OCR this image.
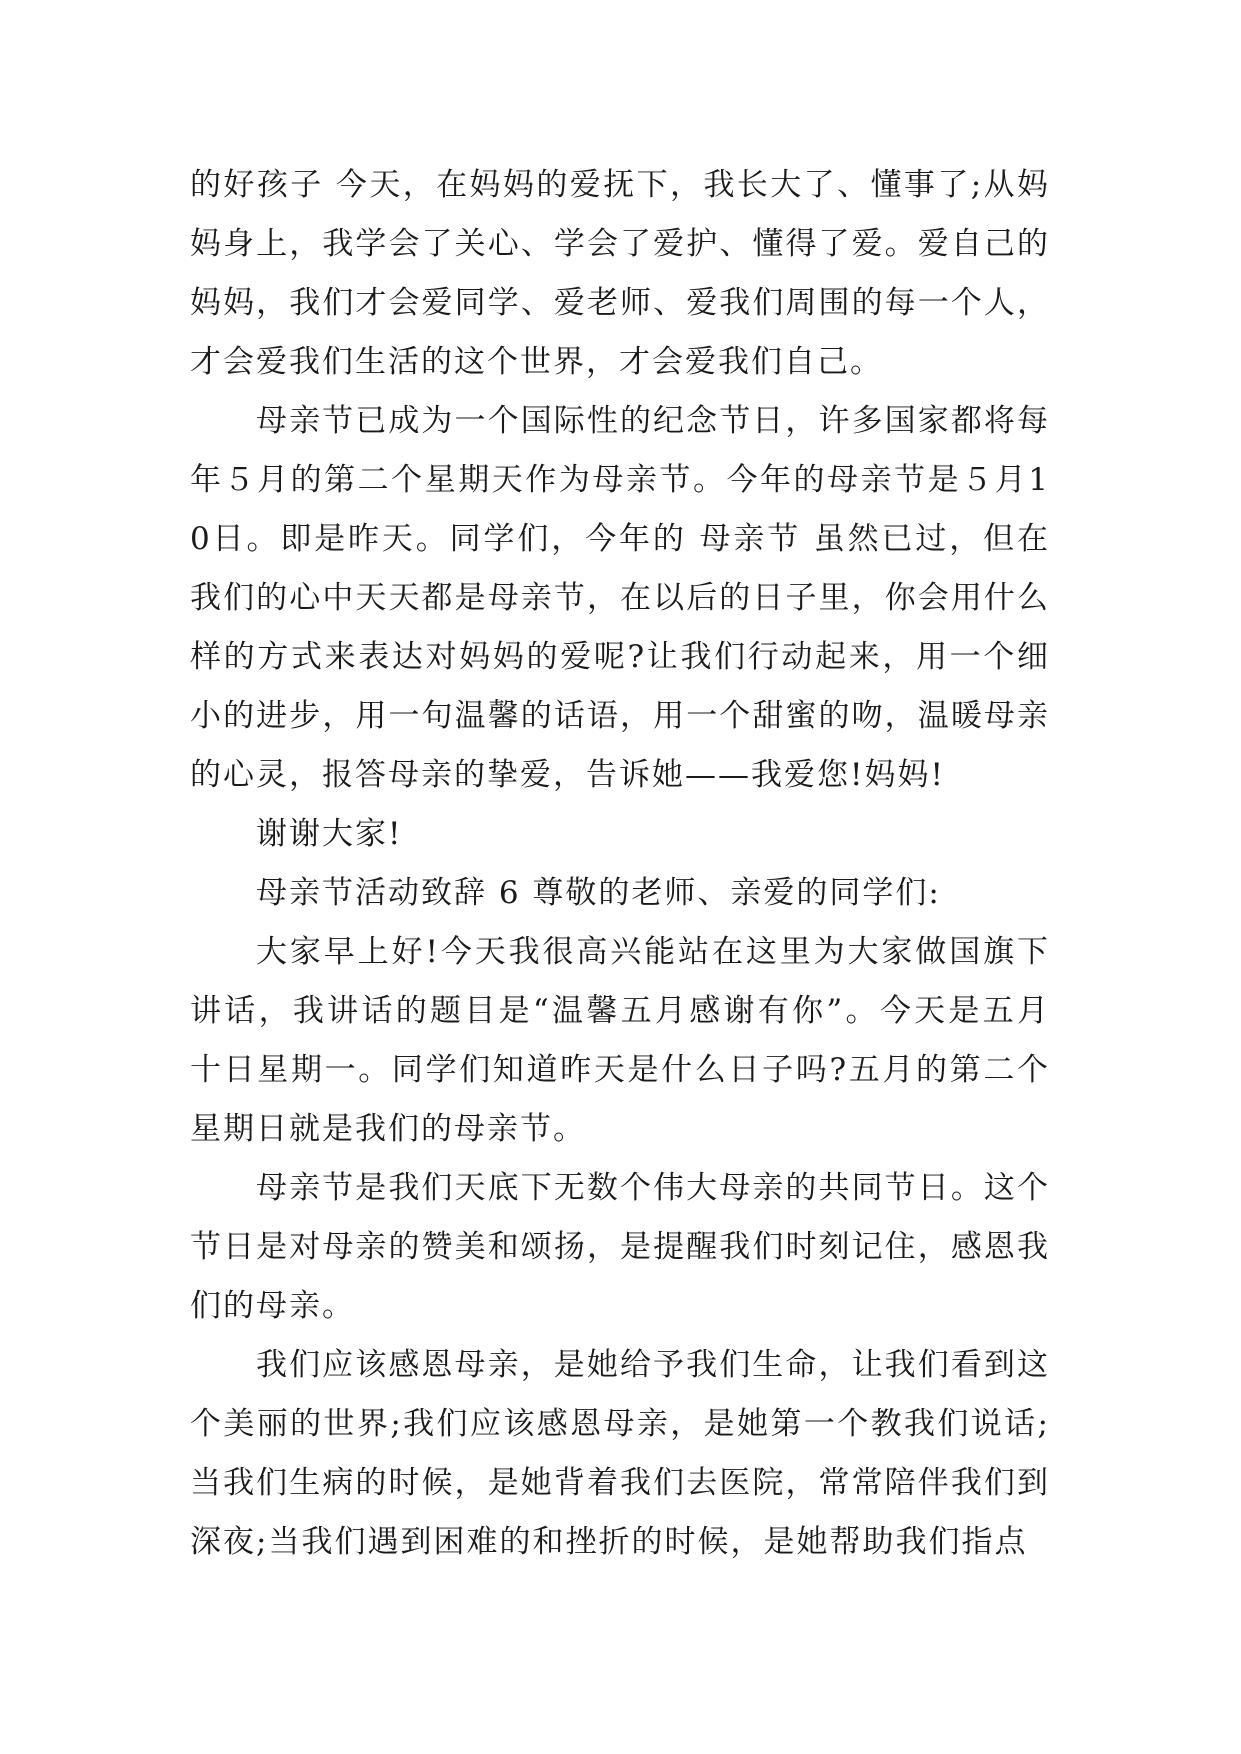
的好孩子 今天，在妈妈的爱抚下，我长大了、懂事了;从妈妈身上，我学会了关心、学会了爱护、懂得了爱。爱自己的妈妈，我们才会爱同学、爱老师、爱我们周围的每一个人，才会爱我们生活的这个世界，才会爱我们自己。

母亲节已成为一个国际性的纪念节日，许多国家都将每年５月的第二个星期天作为母亲节。今年的母亲节是５月10日。即是昨天。同学们，今年的 母亲节 虽然已过，但在我们的心中天天都是母亲节，在以后的日子里，你会用什么样的方式来表达对妈妈的爱呢?让我们行动起来，用一个细小的进步，用一句温馨的话语，用一个甜蜜的吻，温暖母亲的心灵，报答母亲的挚爱，告诉她——我爱您!妈妈!

谢谢大家!

母亲节活动致辞 6 尊敬的老师、亲爱的同学们:

大家早上好!今天我很高兴能站在这里为大家做国旗下讲话，我讲话的题目是“温馨五月感谢有你”。今天是五月十日星期一。同学们知道昨天是什么日子吗?五月的第二个星期日就是我们的母亲节。

母亲节是我们天底下无数个伟大母亲的共同节日。这个节日是对母亲的赞美和颂扬，是提醒我们时刻记住，感恩我们的母亲。

我们应该感恩母亲，是她给予我们生命，让我们看到这个美丽的世界;我们应该感恩母亲，是她第一个教我们说话;当我们生病的时候，是她背着我们去医院，常常陪伴我们到深夜;当我们遇到困难的和挫折的时候，是她帮助我们指点
